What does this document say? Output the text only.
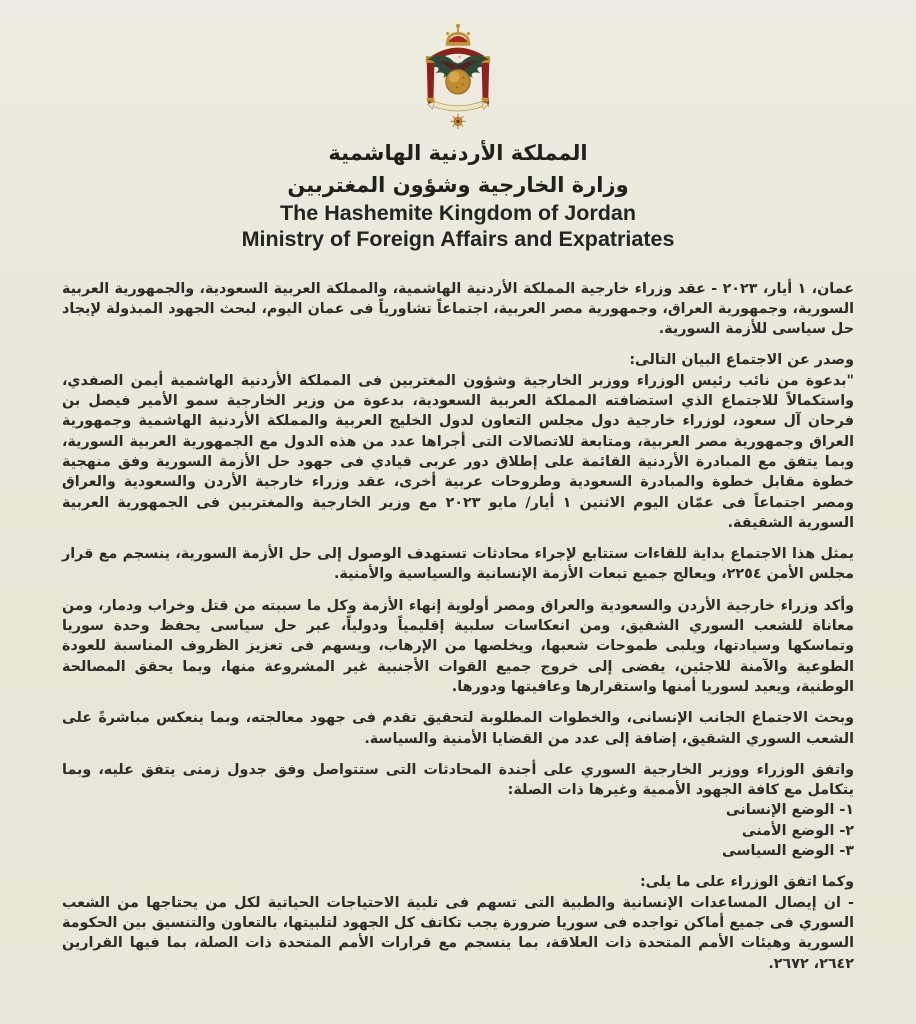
المملكة الأردنية الهاشمية
وزارة الخارجية وشؤون المغتربين
The Hashemite Kingdom of Jordan
Ministry of Foreign Affairs and Expatriates

عمان، ١ أيار، ٢٠٢٣ - عقد وزراء خارجية المملكة الأردنية الهاشمية، والمملكة العربية السعودية، والجمهورية العربية السورية، وجمهورية العراق، وجمهورية مصر العربية، اجتماعاً تشاورياً فى عمان اليوم، لبحث الجهود المبذولة لإيجاد حل سياسى للأزمة السورية.

وصدر عن الاجتماع البيان التالى:

"بدعوة من نائب رئيس الوزراء ووزير الخارجية وشؤون المغتربين فى المملكة الأردنية الهاشمية أيمن الصفدي، واستكمالاً للاجتماع الذي استضافته المملكة العربية السعودية، بدعوة من وزير الخارجية سمو الأمير فيصل بن فرحان آل سعود، لوزراء خارجية دول مجلس التعاون لدول الخليج العربية والمملكة الأردنية الهاشمية وجمهورية العراق وجمهورية مصر العربية، ومتابعة للاتصالات التى أجراها عدد من هذه الدول مع الجمهورية العربية السورية، وبما يتفق مع المبادرة الأردنية القائمة على إطلاق دور عربى قيادي فى جهود حل الأزمة السورية وفق منهجية خطوة مقابل خطوة والمبادرة السعودية وطروحات عربية أخرى، عقد وزراء خارجية الأردن والسعودية والعراق ومصر اجتماعاً فى عمّان اليوم الاثنين ١ أيار/ مايو ٢٠٢٣ مع وزير الخارجية والمغتربين فى الجمهورية العربية السورية الشقيقة.

يمثل هذا الاجتماع بداية للقاءات ستتابع لإجراء محادثات تستهدف الوصول إلى حل الأزمة السورية، ينسجم مع قرار مجلس الأمن ٢٢٥٤، ويعالج جميع تبعات الأزمة الإنسانية والسياسية والأمنية.

وأكد وزراء خارجية الأردن والسعودية والعراق ومصر أولوية إنهاء الأزمة وكل ما سببته من قتل وخراب ودمار، ومن معاناة للشعب السوري الشقيق، ومن انعكاسات سلبية إقليمياً ودولياً، عبر حل سياسى يحفظ وحدة سوريا وتماسكها وسيادتها، ويلبى طموحات شعبها، ويخلصها من الإرهاب، ويسهم فى تعزيز الظروف المناسبة للعودة الطوعية والآمنة للاجئين، يفضى إلى خروج جميع القوات الأجنبية غير المشروعة منها، وبما يحقق المصالحة الوطنية، ويعيد لسوريا أمنها واستقرارها وعافيتها ودورها.

وبحث الاجتماع الجانب الإنسانى، والخطوات المطلوبة لتحقيق تقدم فى جهود معالجته، وبما ينعكس مباشرةً على الشعب السوري الشقيق، إضافة إلى عدد من القضايا الأمنية والسياسة.

واتفق الوزراء ووزير الخارجية السوري على أجندة المحادثات التى ستتواصل وفق جدول زمنى يتفق عليه، وبما يتكامل مع كافة الجهود الأممية وغيرها ذات الصلة:

١- الوضع الإنسانى
٢- الوضع الأمنى
٣- الوضع السياسى

وكما اتفق الوزراء على ما يلى:

- ان إيصال المساعدات الإنسانية والطبية التى تسهم فى تلبية الاحتياجات الحياتية لكل من يحتاجها من الشعب السوري فى جميع أماكن تواجده فى سوريا ضرورة يجب تكاتف كل الجهود لتلبيتها، بالتعاون والتنسيق بين الحكومة السورية وهيئات الأمم المتحدة ذات العلاقة، بما ينسجم مع قرارات الأمم المتحدة ذات الصلة، بما فيها القرارين ٢٦٤٢، ٢٦٧٢.
